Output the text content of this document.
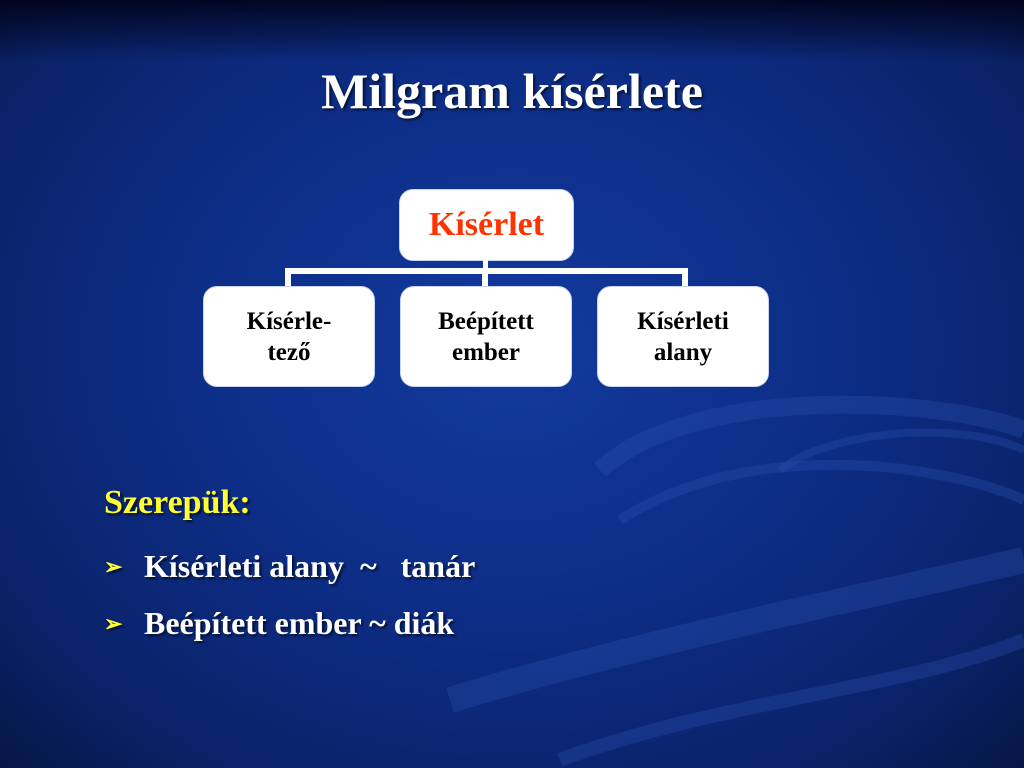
Milgram kísérlete
Kísérlet
Kísérle-
tező
Beépített
ember
Kísérleti
alany
Szerepük:
➢ Kísérleti alany  ~   tanár
➢ Beépített ember ~ diák
